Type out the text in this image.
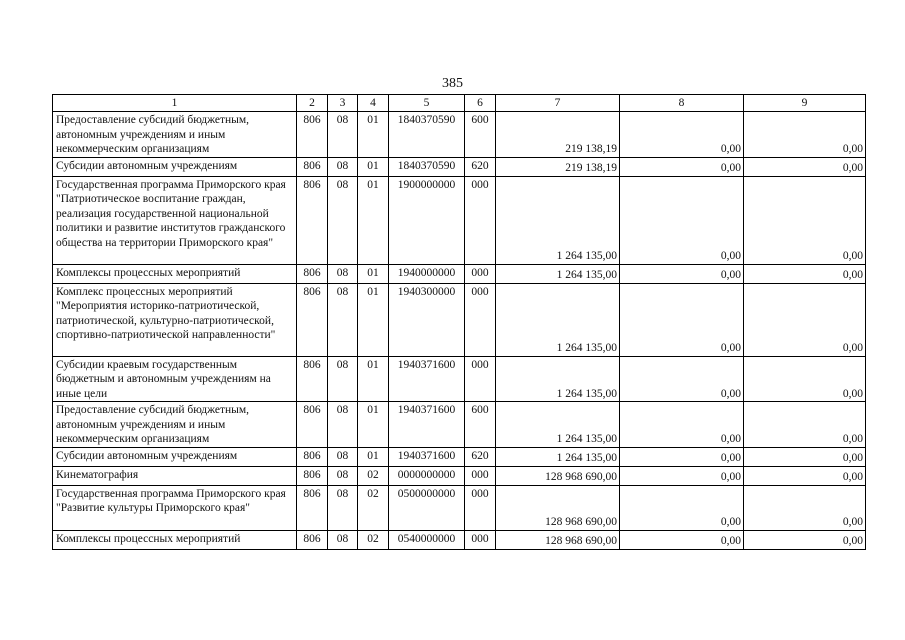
385
1	2	3	4	5	6	7	8	9
Предоставление субсидий бюджетным, автономным учреждениям и иным некоммерческим организациям	806	08	01	1840370590	600	219 138,19	0,00	0,00
Субсидии автономным учреждениям	806	08	01	1840370590	620	219 138,19	0,00	0,00
Государственная программа Приморского края "Патриотическое воспитание граждан, реализация государственной национальной политики и развитие институтов гражданского общества на территории Приморского края"	806	08	01	1900000000	000	1 264 135,00	0,00	0,00
Комплексы процессных мероприятий	806	08	01	1940000000	000	1 264 135,00	0,00	0,00
Комплекс процессных мероприятий "Мероприятия историко-патриотической, патриотической, культурно-патриотической, спортивно-патриотической направленности"	806	08	01	1940300000	000	1 264 135,00	0,00	0,00
Субсидии краевым государственным бюджетным и автономным учреждениям на иные цели	806	08	01	1940371600	000	1 264 135,00	0,00	0,00
Предоставление субсидий бюджетным, автономным учреждениям и иным некоммерческим организациям	806	08	01	1940371600	600	1 264 135,00	0,00	0,00
Субсидии автономным учреждениям	806	08	01	1940371600	620	1 264 135,00	0,00	0,00
Кинематография	806	08	02	0000000000	000	128 968 690,00	0,00	0,00
Государственная программа Приморского края "Развитие культуры Приморского края"	806	08	02	0500000000	000	128 968 690,00	0,00	0,00
Комплексы процессных мероприятий	806	08	02	0540000000	000	128 968 690,00	0,00	0,00
